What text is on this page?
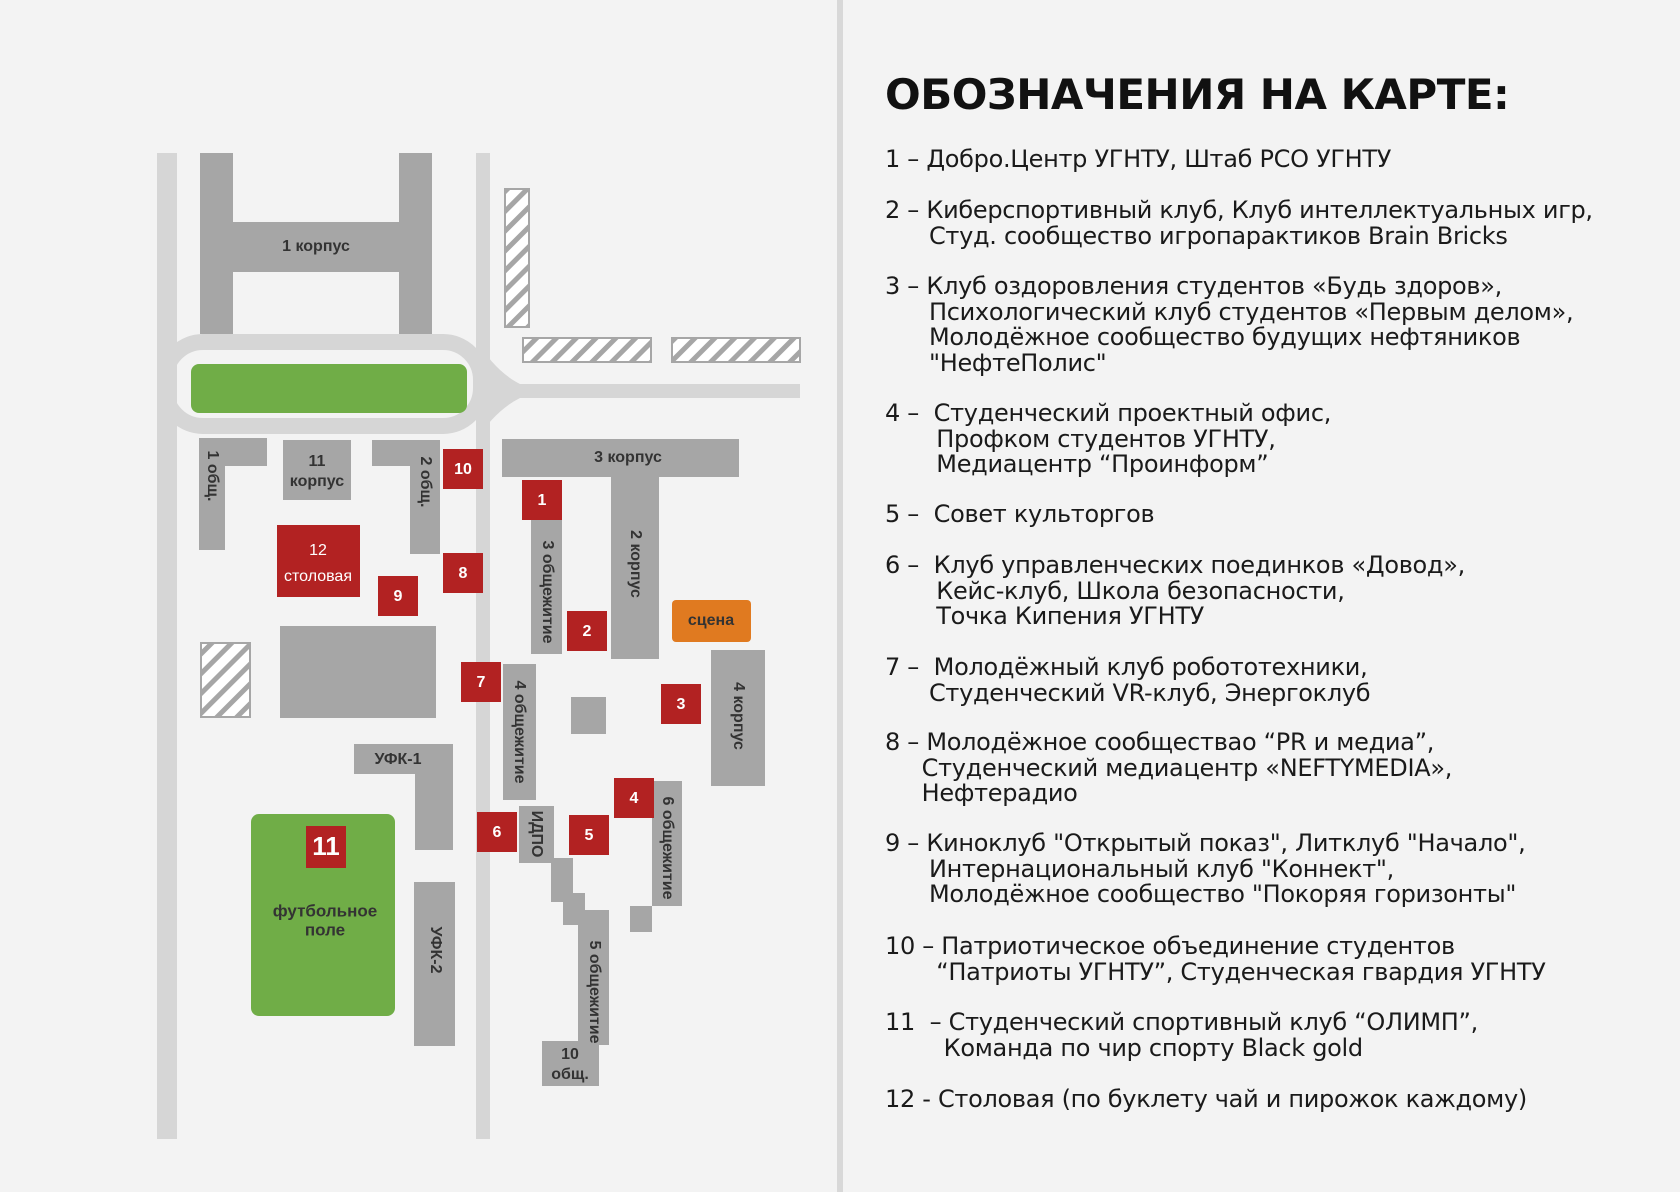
1 корпус
3 корпус
11
корпус
УФК-1
10
общ.
1 общ.	2 общ.
3 общежитие	2 корпус
4 общежитие	4 корпус
ИДПО	6 общежитие
5 общежитие
УФК-2
футбольное
поле
12
столовая
сцена
11
1
2
3
4
5
6
7
8
9
10
ОБОЗНАЧЕНИЯ НА КАРТЕ:
1 – Добро.Центр УГНТУ, Штаб РСО УГНТУ
2 – Киберспортивный клуб, Клуб интеллектуальных игр,
Студ. сообщество игропарактиков Brain Bricks
3 – Клуб оздоровления студентов «Будь здоров»,
Психологический клуб студентов «Первым делом»,
Молодёжное сообщество будущих нефтяников
"НефтеПолис"
4 –  Студенческий проектный офис,
Профком студентов УГНТУ,
Медиацентр “Проинформ”
5 –  Совет культоргов
6 –  Клуб управленческих поединков «Довод»,
Кейс-клуб, Школа безопасности,
Точка Кипения УГНТУ
7 –  Молодёжный клуб робототехники,
Студенческий VR-клуб, Энергоклуб
8 – Молодёжное сообществао “PR и медиа”,
Студенческий медиацентр «NEFTYMEDIA»,
Нефтерадио
9 – Киноклуб "Открытый показ", Литклуб "Начало",
Интернациональный клуб "Коннект",
Молодёжное сообщество "Покоряя горизонты"
10 – Патриотическое объединение студентов
“Патриоты УГНТУ”, Студенческая гвардия УГНТУ
11  – Студенческий спортивный клуб “ОЛИМП”,
Команда по чир спорту Black gold
12 - Столовая (по буклету чай и пирожок каждому)
